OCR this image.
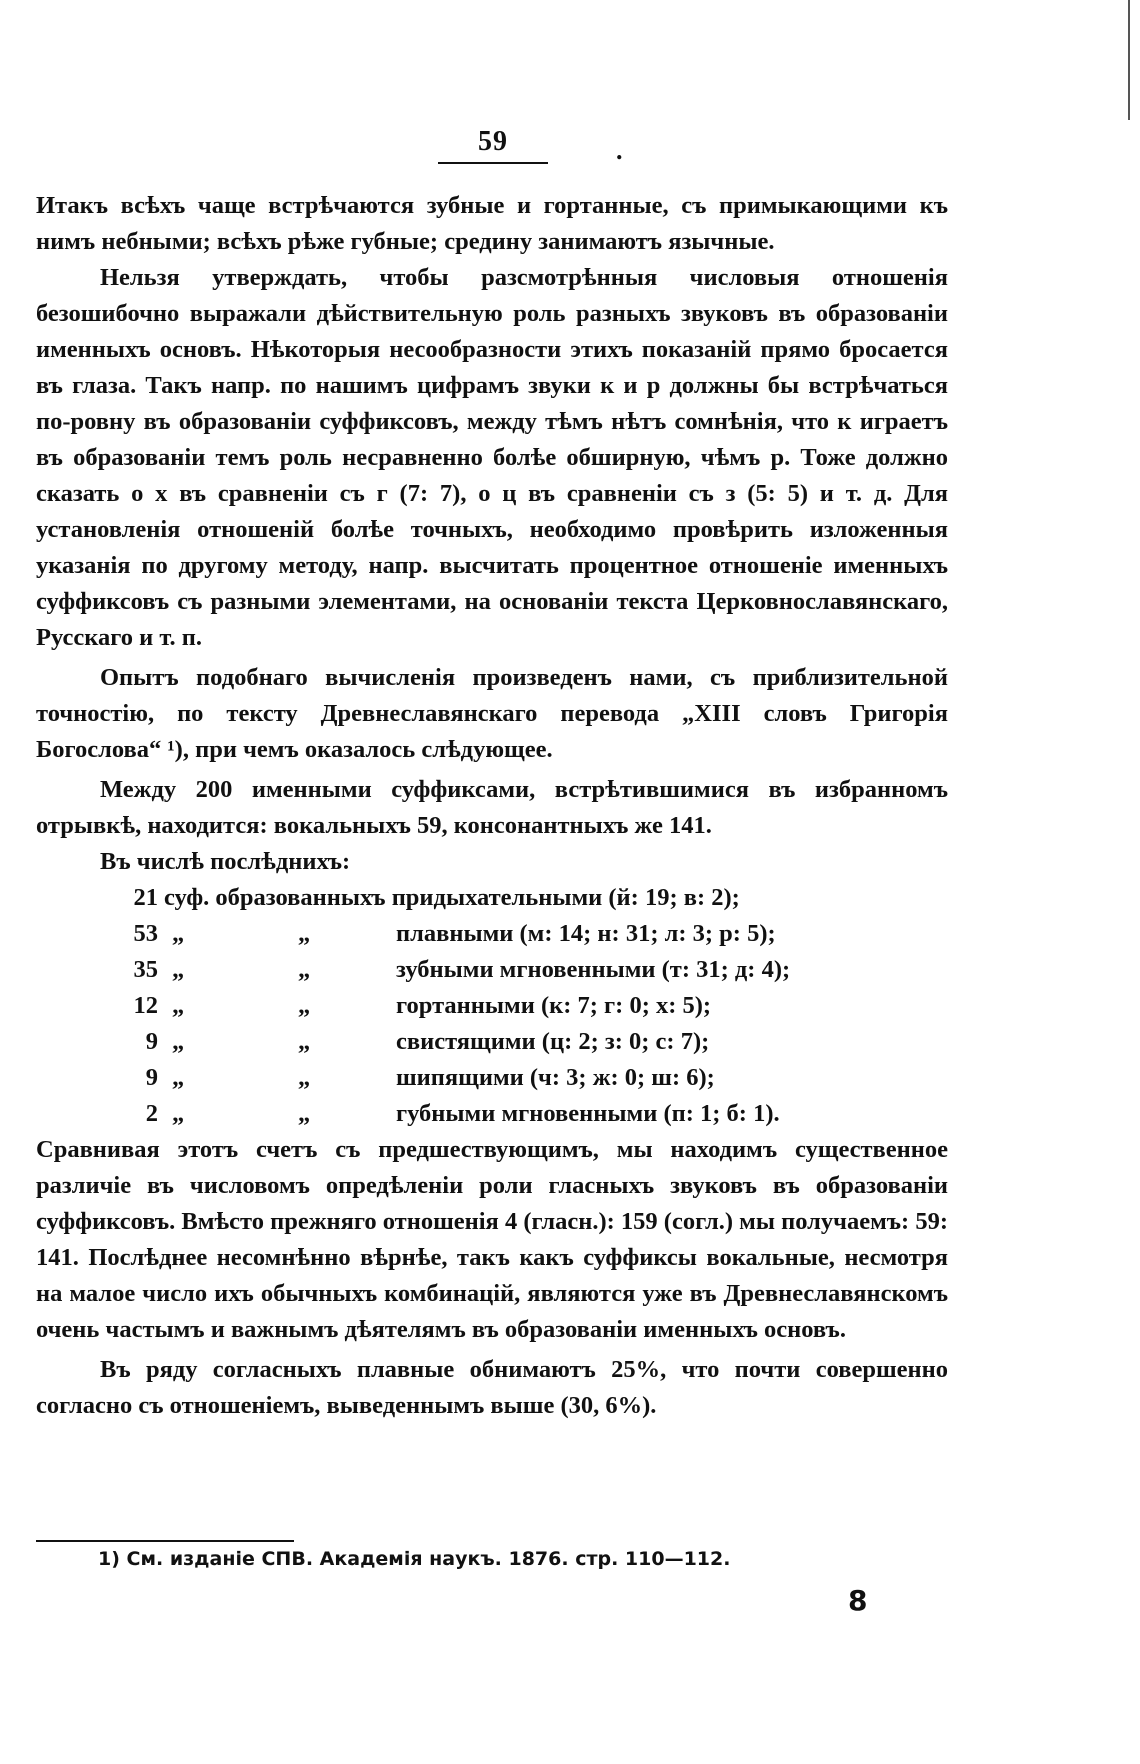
59	.

Итакъ всѣхъ чаще встрѣчаются зубные и гортанные, съ примыкающими къ нимъ небными; всѣхъ рѣже губные; средину занимаютъ язычные.

Нельзя утверждать, чтобы разсмотрѣнныя числовыя отношенія безошибочно выражали дѣйствительную роль разныхъ звуковъ въ образованіи именныхъ основъ. Нѣкоторыя несообразности этихъ показаній прямо бросается въ глаза. Такъ напр. по нашимъ цифрамъ звуки к и р должны бы встрѣчаться по-ровну въ образованіи суффиксовъ, между тѣмъ нѣтъ сомнѣнія, что к играетъ въ образованіи темъ роль несравненно болѣе обширную, чѣмъ р. Тоже должно сказать о х въ сравненіи съ г (7: 7), о ц въ сравненіи съ з (5: 5) и т. д. Для установленія отношеній болѣе точныхъ, необходимо провѣрить изложенныя указанія по другому методу, напр. высчитать процентное отношеніе именныхъ суффиксовъ съ разными элементами, на основаніи текста Церковнославянскаго, Русскаго и т. п.

Опытъ подобнаго вычисленія произведенъ нами, съ приблизительной точностію, по тексту Древнеславянскаго перевода „XIII словъ Григорія Богослова“ ¹), при чемъ оказалось слѣдующее.

Между 200 именными суффиксами, встрѣтившимися въ избранномъ отрывкѣ, находится: вокальныхъ 59, консонантныхъ же 141.

Въ числѣ послѣднихъ:
21 суф. образованныхъ придыхательными (й: 19; в: 2);
53 „	„	плавными (м: 14; н: 31; л: 3; р: 5);
35 „	„	зубными мгновенными (т: 31; д: 4);
12 „	„	гортанными (к: 7; г: 0; х: 5);
9 „	„	свистящими (ц: 2; з: 0; с: 7);
9 „	„	шипящими (ч: 3; ж: 0; ш: 6);
2 „	„	губными мгновенными (п: 1; б: 1).

Сравнивая этотъ счетъ съ предшествующимъ, мы находимъ существенное различіе въ числовомъ опредѣленіи роли гласныхъ звуковъ въ образованіи суффиксовъ. Вмѣсто прежняго отношенія 4 (гласн.): 159 (согл.) мы получаемъ: 59: 141. Послѣднее несомнѣнно вѣрнѣе, такъ какъ суффиксы вокальные, несмотря на малое число ихъ обычныхъ комбинацій, являются уже въ Древнеславянскомъ очень частымъ и важнымъ дѣятелямъ въ образованіи именныхъ основъ.

Въ ряду согласныхъ плавные обнимаютъ 25%, что почти совершенно согласно съ отношеніемъ, выведеннымъ выше (30, 6%).

1) См. изданіе СПВ. Академія наукъ. 1876. стр. 110—112.
8
